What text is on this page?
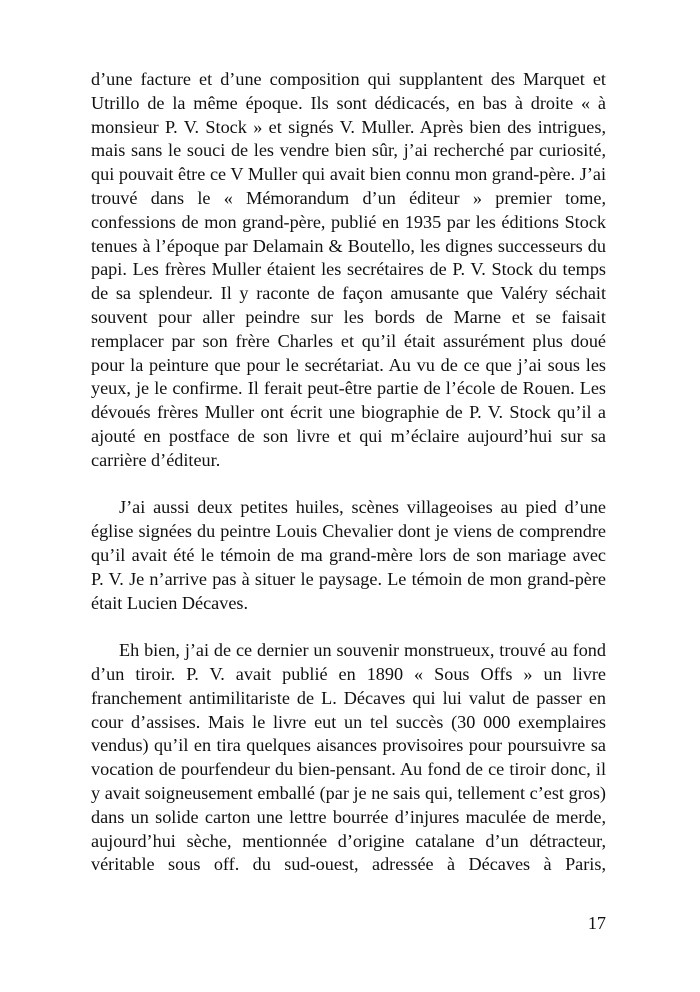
d’une facture et d’une composition qui supplantent des Marquet et
Utrillo de la même époque. Ils sont dédicacés, en bas à droite « à
monsieur P. V. Stock » et signés V. Muller. Après bien des intrigues,
mais sans le souci de les vendre bien sûr, j’ai recherché par curiosité,
qui pouvait être ce V Muller qui avait bien connu mon grand-père. J’ai
trouvé dans le « Mémorandum d’un éditeur » premier tome,
confessions de mon grand-père, publié en 1935 par les éditions Stock
tenues à l’époque par Delamain & Boutello, les dignes successeurs du
papi. Les frères Muller étaient les secrétaires de P. V. Stock du temps
de sa splendeur. Il y raconte de façon amusante que Valéry séchait
souvent pour aller peindre sur les bords de Marne et se faisait
remplacer par son frère Charles et qu’il était assurément plus doué
pour la peinture que pour le secrétariat. Au vu de ce que j’ai sous les
yeux, je le confirme. Il ferait peut-être partie de l’école de Rouen. Les
dévoués frères Muller ont écrit une biographie de P. V. Stock qu’il a
ajouté en postface de son livre et qui m’éclaire aujourd’hui sur sa
carrière d’éditeur.

J’ai aussi deux petites huiles, scènes villageoises au pied d’une
église signées du peintre Louis Chevalier dont je viens de comprendre
qu’il avait été le témoin de ma grand-mère lors de son mariage avec
P. V. Je n’arrive pas à situer le paysage. Le témoin de mon grand-père
était Lucien Décaves.

Eh bien, j’ai de ce dernier un souvenir monstrueux, trouvé au fond
d’un tiroir. P. V. avait publié en 1890 « Sous Offs » un livre
franchement antimilitariste de L. Décaves qui lui valut de passer en
cour d’assises. Mais le livre eut un tel succès (30 000 exemplaires
vendus) qu’il en tira quelques aisances provisoires pour poursuivre sa
vocation de pourfendeur du bien-pensant. Au fond de ce tiroir donc, il
y avait soigneusement emballé (par je ne sais qui, tellement c’est gros)
dans un solide carton une lettre bourrée d’injures maculée de merde,
aujourd’hui sèche, mentionnée d’origine catalane d’un détracteur,
véritable sous off. du sud-ouest, adressée à Décaves à Paris,

17
